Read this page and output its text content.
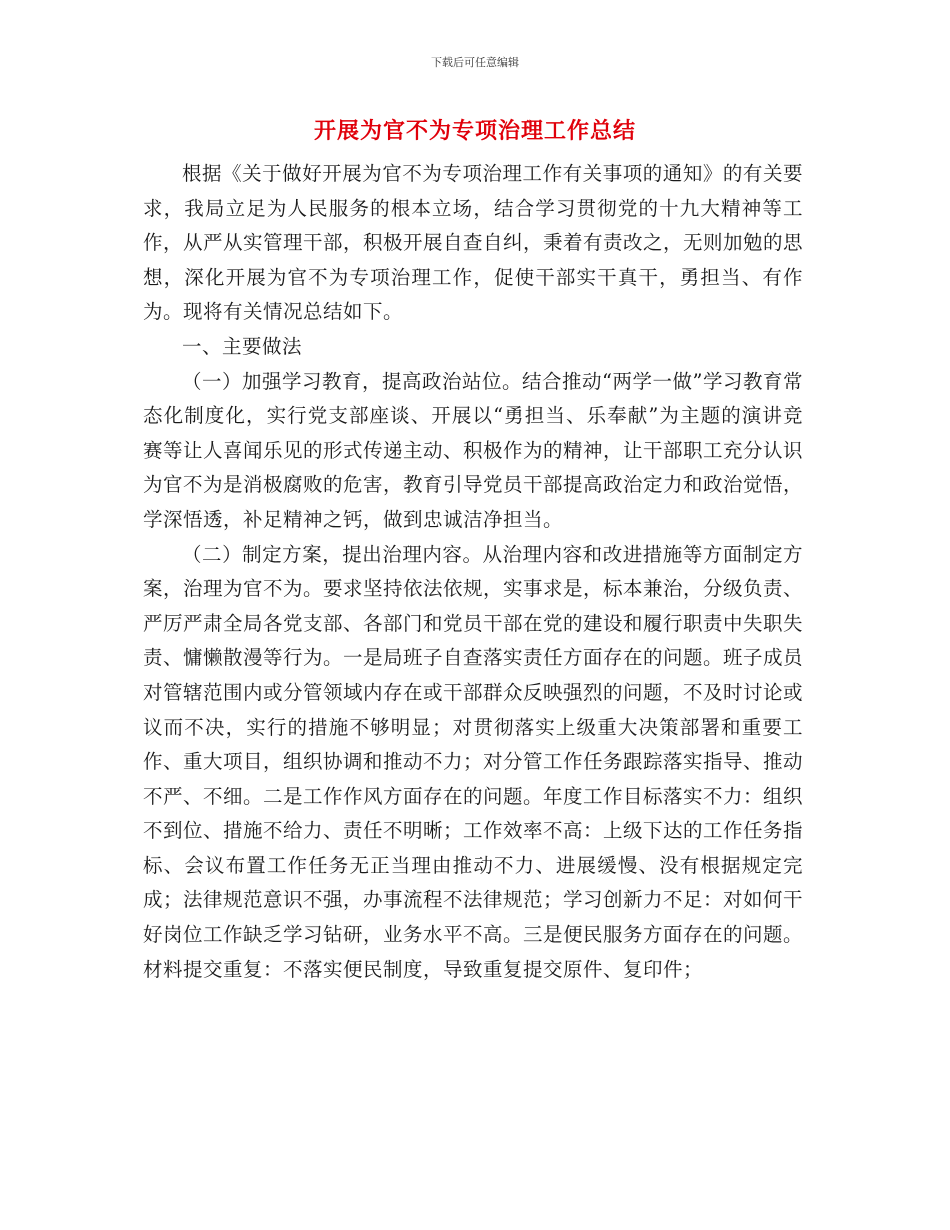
下载后可任意编辑
开展为官不为专项治理工作总结

根据《关于做好开展为官不为专项治理工作有关事项的通知》的有关要求，我局立足为人民服务的根本立场，结合学习贯彻党的十九大精神等工作，从严从实管理干部，积极开展自查自纠，秉着有责改之，无则加勉的思想，深化开展为官不为专项治理工作，促使干部实干真干，勇担当、有作为。现将有关情况总结如下。

一、主要做法

（一）加强学习教育，提高政治站位。结合推动“两学一做”学习教育常态化制度化，实行党支部座谈、开展以“勇担当、乐奉献”为主题的演讲竞赛等让人喜闻乐见的形式传递主动、积极作为的精神，让干部职工充分认识为官不为是消极腐败的危害，教育引导党员干部提高政治定力和政治觉悟，学深悟透，补足精神之钙，做到忠诚洁净担当。

（二）制定方案，提出治理内容。从治理内容和改进措施等方面制定方案，治理为官不为。要求坚持依法依规，实事求是，标本兼治，分级负责、严厉严肃全局各党支部、各部门和党员干部在党的建设和履行职责中失职失责、慵懒散漫等行为。一是局班子自查落实责任方面存在的问题。班子成员对管辖范围内或分管领域内存在或干部群众反映强烈的问题，不及时讨论或议而不决，实行的措施不够明显；对贯彻落实上级重大决策部署和重要工作、重大项目，组织协调和推动不力；对分管工作任务跟踪落实指导、推动不严、不细。二是工作作风方面存在的问题。年度工作目标落实不力：组织不到位、措施不给力、责任不明晰；工作效率不高：上级下达的工作任务指标、会议布置工作任务无正当理由推动不力、进展缓慢、没有根据规定完成；法律规范意识不强，办事流程不法律规范；学习创新力不足：对如何干好岗位工作缺乏学习钻研，业务水平不高。三是便民服务方面存在的问题。材料提交重复：不落实便民制度，导致重复提交原件、复印件；
